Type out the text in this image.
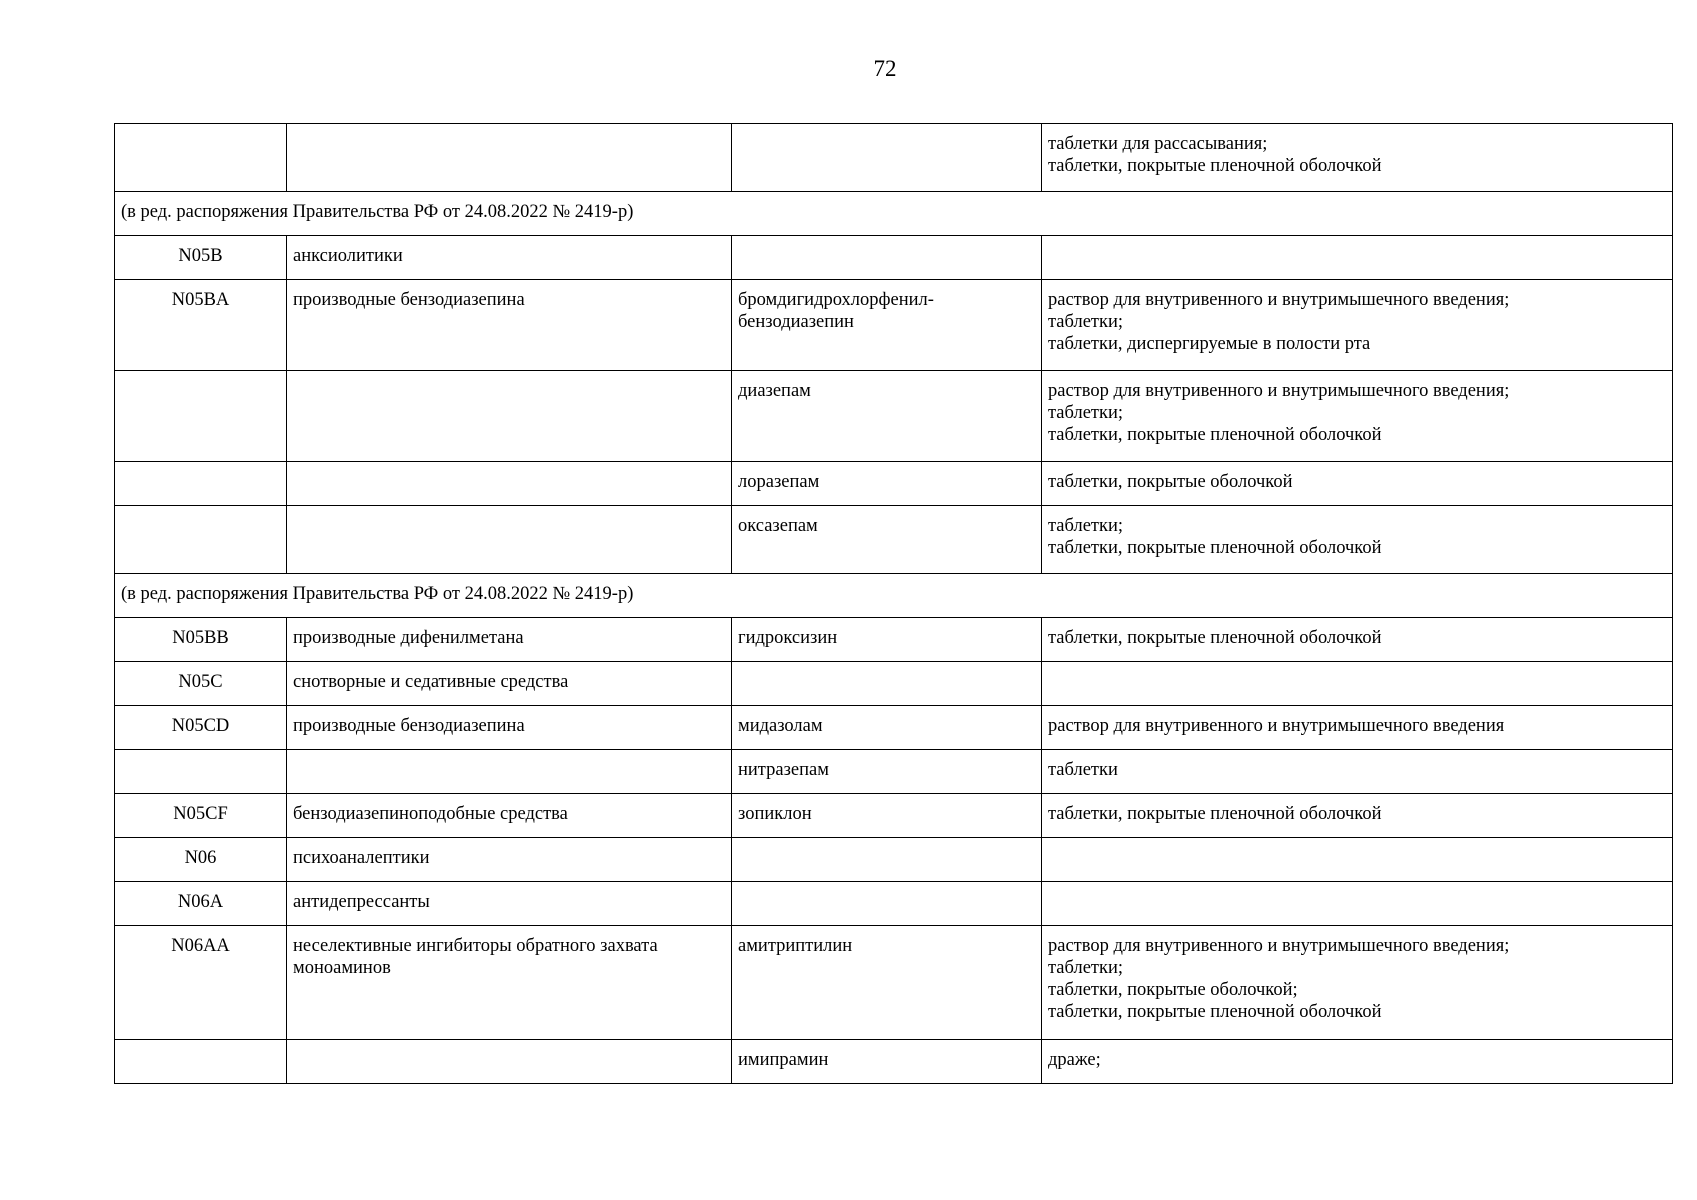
72

			таблетки для рассасывания;
таблетки, покрытые пленочной оболочкой

(в ред. распоряжения Правительства РФ от 24.08.2022 № 2419-р)			
N05B	анксиолитики		
N05BA	производные бензодиазепина	бромдигидрохлорфенил-бензодиазепин	раствор для внутривенного и внутримышечного введения;
таблетки;
таблетки, диспергируемые в полости рта

		диазепам	раствор для внутривенного и внутримышечного введения;
таблетки;
таблетки, покрытые пленочной оболочкой

		лоразепам	таблетки, покрытые оболочкой

		оксазепам	таблетки;
таблетки, покрытые пленочной оболочкой

(в ред. распоряжения Правительства РФ от 24.08.2022 № 2419-р)			
N05BB	производные дифенилметана	гидроксизин	таблетки, покрытые пленочной оболочкой

N05C	снотворные и седативные средства		
N05CD	производные бензодиазепина	мидазолам	раствор для внутривенного и внутримышечного введения

		нитразепам	таблетки

N05CF	бензодиазепиноподобные средства	зопиклон	таблетки, покрытые пленочной оболочкой

N06	психоаналептики		
N06A	антидепрессанты		
N06AA	неселективные ингибиторы обратного захвата моноаминов	амитриптилин	раствор для внутривенного и внутримышечного введения;
таблетки;
таблетки, покрытые оболочкой;
таблетки, покрытые пленочной оболочкой

		имипрамин	драже;
